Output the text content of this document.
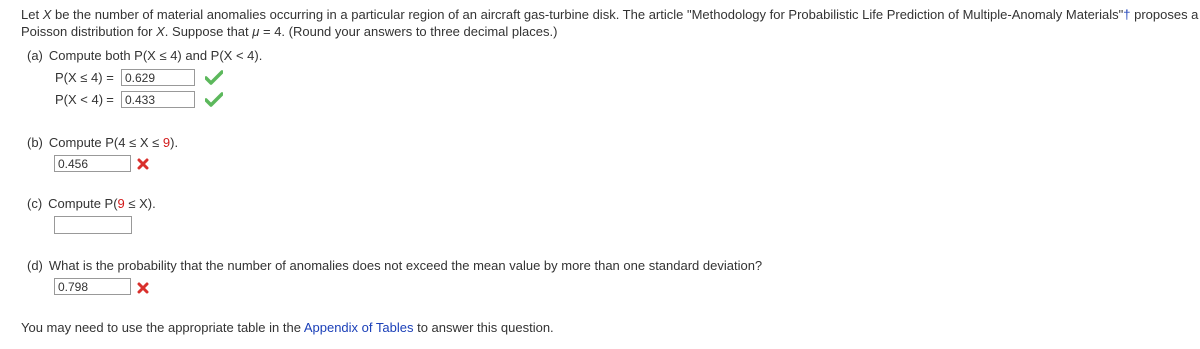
Let X be the number of material anomalies occurring in a particular region of an aircraft gas-turbine disk. The article "Methodology for Probabilistic Life Prediction of Multiple-Anomaly Materials"† proposes a
Poisson distribution for X. Suppose that μ = 4. (Round your answers to three decimal places.)
(a) Compute both P(X ≤ 4) and P(X < 4).
P(X ≤ 4) = 0.629
P(X < 4) = 0.433
(b) Compute P(4 ≤ X ≤ 9).
0.456
(c) Compute P(9 ≤ X).
(d) What is the probability that the number of anomalies does not exceed the mean value by more than one standard deviation?
0.798
You may need to use the appropriate table in the Appendix of Tables to answer this question.
